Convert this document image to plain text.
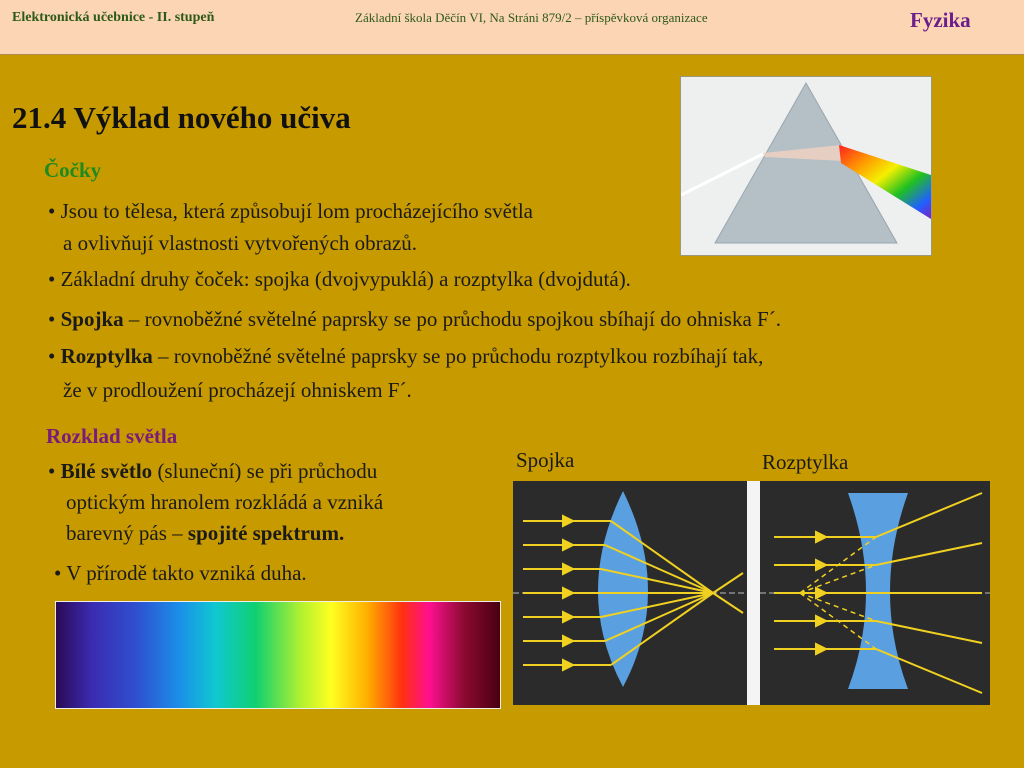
Elektronická učebnice - II. stupeň	Základní škola Děčín VI, Na Stráni 879/2 – příspěvková organizace	Fyzika
21.4 Výklad nového učiva
Čočky
• Jsou to tělesa, která způsobují lom procházejícího světla
a ovlivňují vlastnosti vytvořených obrazů.
• Základní druhy čoček: spojka (dvojvypuklá) a rozptylka (dvojdutá).
• Spojka – rovnoběžné světelné paprsky se po průchodu spojkou sbíhají do ohniska F´.
• Rozptylka – rovnoběžné světelné paprsky se po průchodu rozptylkou rozbíhají tak,
že v prodloužení procházejí ohniskem F´.
Rozklad světla
• Bílé světlo (sluneční) se při průchodu
optickým hranolem rozkládá a vzniká
barevný pás – spojité spektrum.
• V přírodě takto vzniká duha.
Spojka	Rozptylka
